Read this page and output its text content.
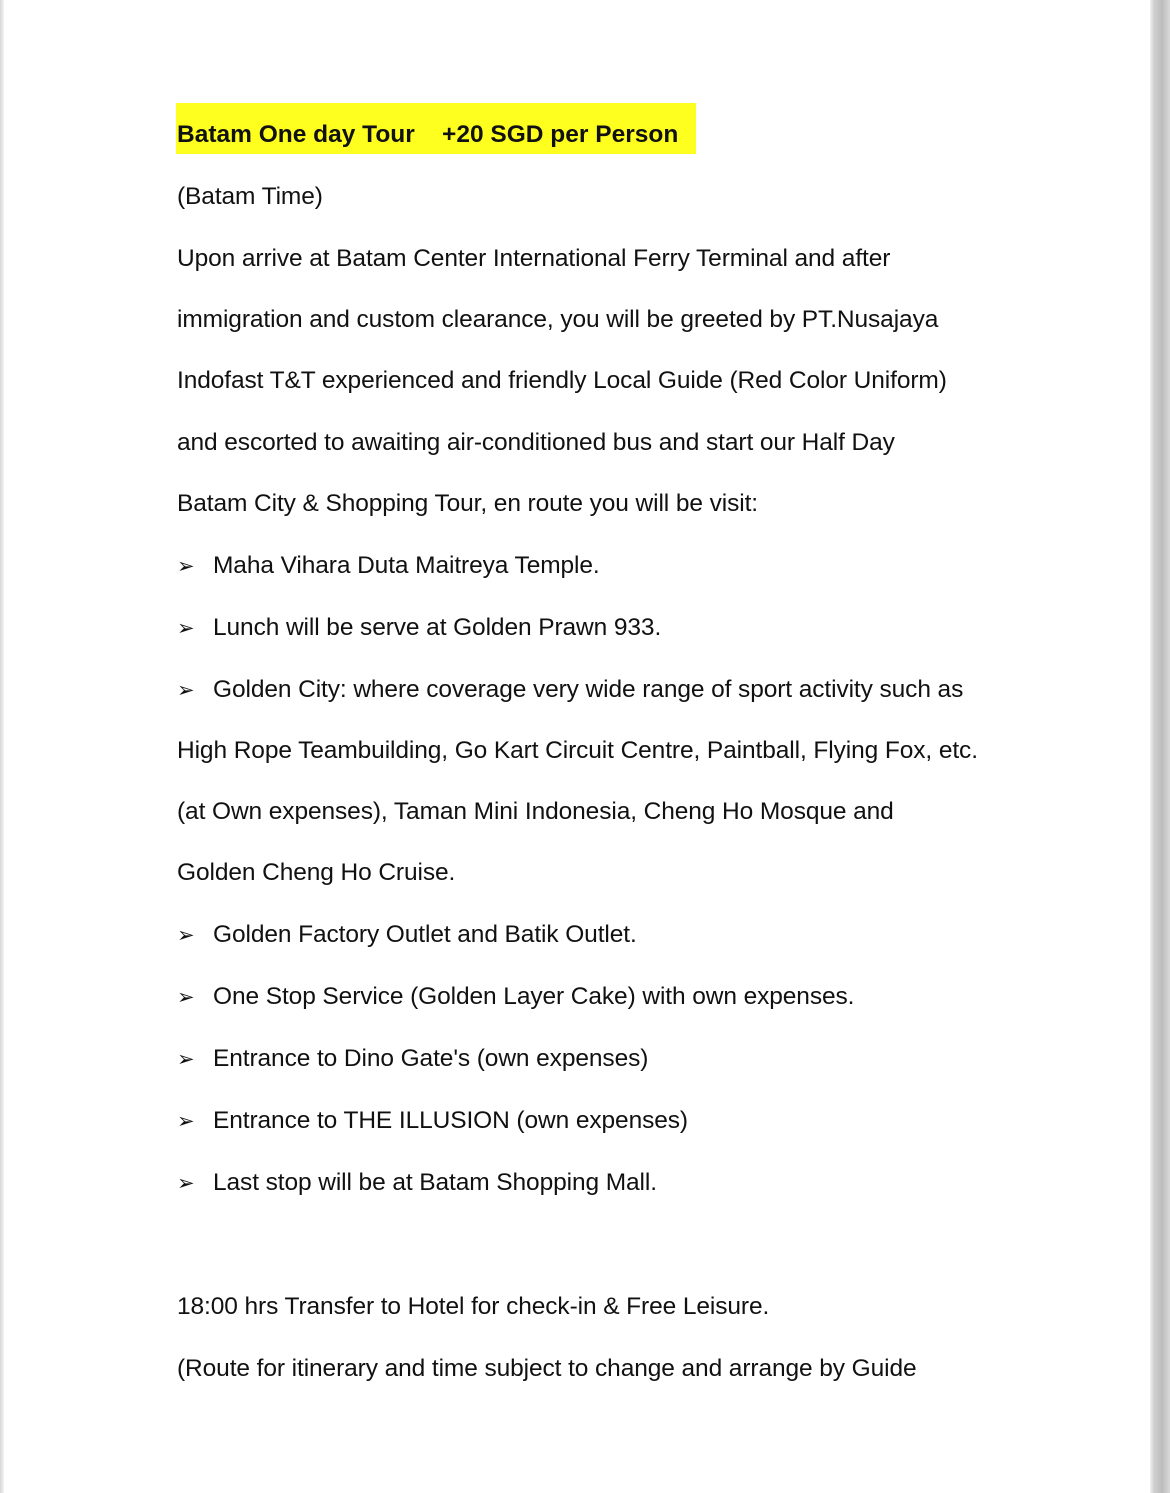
Batam One day Tour +20 SGD per Person
(Batam Time)
Upon arrive at Batam Center International Ferry Terminal and after
immigration and custom clearance, you will be greeted by PT.Nusajaya
Indofast T&T experienced and friendly Local Guide (Red Color Uniform)
and escorted to awaiting air-conditioned bus and start our Half Day
Batam City & Shopping Tour, en route you will be visit:
➢ Maha Vihara Duta Maitreya Temple.
➢ Lunch will be serve at Golden Prawn 933.
➢ Golden City: where coverage very wide range of sport activity such as
High Rope Teambuilding, Go Kart Circuit Centre, Paintball, Flying Fox, etc.
(at Own expenses), Taman Mini Indonesia, Cheng Ho Mosque and
Golden Cheng Ho Cruise.
➢ Golden Factory Outlet and Batik Outlet.
➢ One Stop Service (Golden Layer Cake) with own expenses.
➢ Entrance to Dino Gate's (own expenses)
➢ Entrance to THE ILLUSION (own expenses)
➢ Last stop will be at Batam Shopping Mall.
18:00 hrs Transfer to Hotel for check-in & Free Leisure.
(Route for itinerary and time subject to change and arrange by Guide
